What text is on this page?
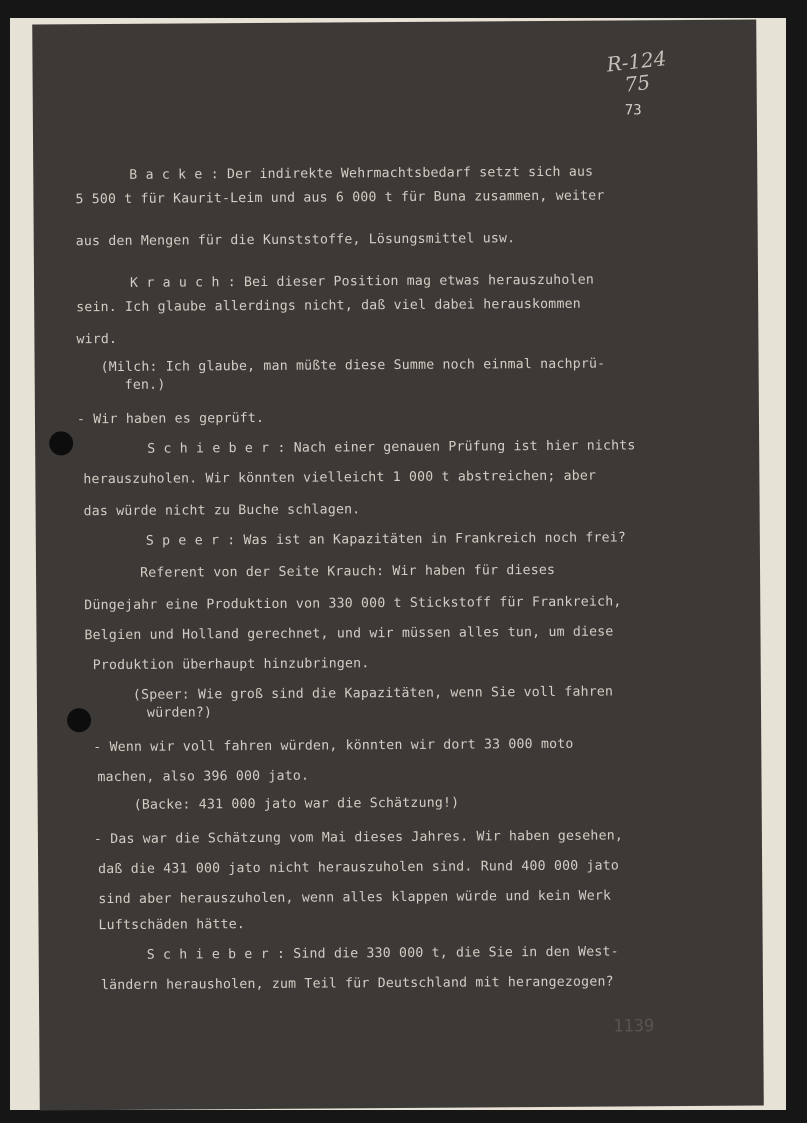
R-124
75
73
B a c k e : Der indirekte Wehrmachtsbedarf setzt sich aus
5 500 t für Kaurit-Leim und aus 6 000 t für Buna zusammen, weiter
aus den Mengen für die Kunststoffe, Lösungsmittel usw.
K r a u c h : Bei dieser Position mag etwas herauszuholen
sein. Ich glaube allerdings nicht, daß viel dabei herauskommen
wird.
(Milch: Ich glaube, man müßte diese Summe noch einmal nachprü-
fen.)
- Wir haben es geprüft.
S c h i e b e r : Nach einer genauen Prüfung ist hier nichts
herauszuholen. Wir könnten vielleicht 1 000 t abstreichen; aber
das würde nicht zu Buche schlagen.
S p e e r : Was ist an Kapazitäten in Frankreich noch frei?
Referent von der Seite Krauch: Wir haben für dieses
Düngejahr eine Produktion von 330 000 t Stickstoff für Frankreich,
Belgien und Holland gerechnet, und wir müssen alles tun, um diese
Produktion überhaupt hinzubringen.
(Speer: Wie groß sind die Kapazitäten, wenn Sie voll fahren
würden?)
- Wenn wir voll fahren würden, könnten wir dort 33 000 moto
machen, also 396 000 jato.
(Backe: 431 000 jato war die Schätzung!)
- Das war die Schätzung vom Mai dieses Jahres. Wir haben gesehen,
daß die 431 000 jato nicht herauszuholen sind. Rund 400 000 jato
sind aber herauszuholen, wenn alles klappen würde und kein Werk
Luftschäden hätte.
S c h i e b e r : Sind die 330 000 t, die Sie in den West-
ländern herausholen, zum Teil für Deutschland mit herangezogen?
1139
